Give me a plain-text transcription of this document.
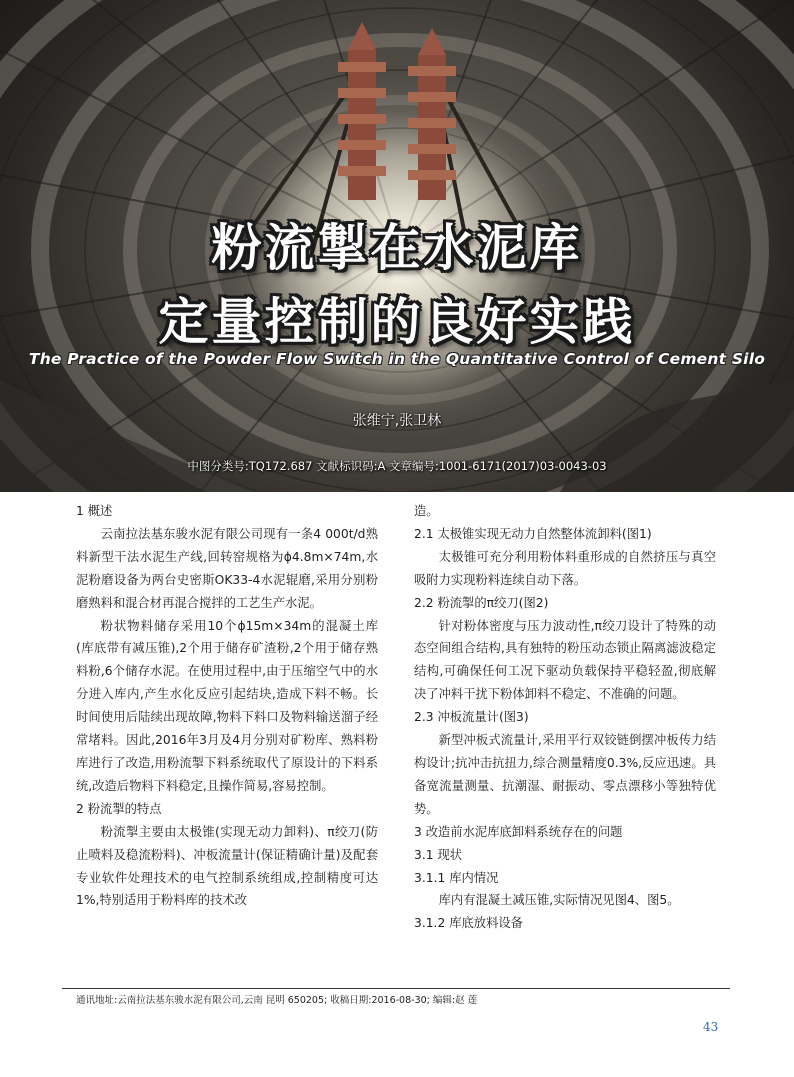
粉流掣在水泥库
定量控制的良好实践
The Practice of the Powder Flow Switch in the Quantitative Control of Cement Silo
张维宁,张卫林
中图分类号:TQ172.687 文献标识码:A 文章编号:1001-6171(2017)03-0043-03

1 概述

云南拉法基东骏水泥有限公司现有一条4 000t/d熟料新型干法水泥生产线,回转窑规格为ϕ4.8m×74m,水泥粉磨设备为两台史密斯OK33-4水泥辊磨,采用分别粉磨熟料和混合材再混合搅拌的工艺生产水泥。

粉状物料储存采用10个ϕ15m×34m的混凝土库(库底带有减压锥),2个用于储存矿渣粉,2个用于储存熟料粉,6个储存水泥。在使用过程中,由于压缩空气中的水分进入库内,产生水化反应引起结块,造成下料不畅。长时间使用后陆续出现故障,物料下料口及物料输送溜子经常堵料。因此,2016年3月及4月分别对矿粉库、熟料粉库进行了改造,用粉流掣下料系统取代了原设计的下料系统,改造后物料下料稳定,且操作简易,容易控制。

2 粉流掣的特点

粉流掣主要由太极锥(实现无动力卸料)、π绞刀(防止喷料及稳流粉料)、冲板流量计(保证精确计量)及配套专业软件处理技术的电气控制系统组成,控制精度可达1%,特别适用于粉料库的技术改

造。

2.1 太极锥实现无动力自然整体流卸料(图1)

太极锥可充分利用粉体料重形成的自然挤压与真空吸附力实现粉料连续自动下落。

2.2 粉流掣的π绞刀(图2)

针对粉体密度与压力波动性,π绞刀设计了特殊的动态空间组合结构,具有独特的粉压动态锁止隔离滤波稳定结构,可确保任何工况下驱动负载保持平稳轻盈,彻底解决了冲料干扰下粉体卸料不稳定、不准确的问题。

2.3 冲板流量计(图3)

新型冲板式流量计,采用平行双铰链倒摆冲板传力结构设计;抗冲击抗扭力,综合测量精度0.3%,反应迅速。具备宽流量测量、抗潮湿、耐振动、零点漂移小等独特优势。

3 改造前水泥库底卸料系统存在的问题

3.1 现状

3.1.1 库内情况

库内有混凝土减压锥,实际情况见图4、图5。

3.1.2 库底放料设备

通讯地址:云南拉法基东骏水泥有限公司,云南 昆明 650205; 收稿日期:2016-08-30; 编辑:赵 莲
43
